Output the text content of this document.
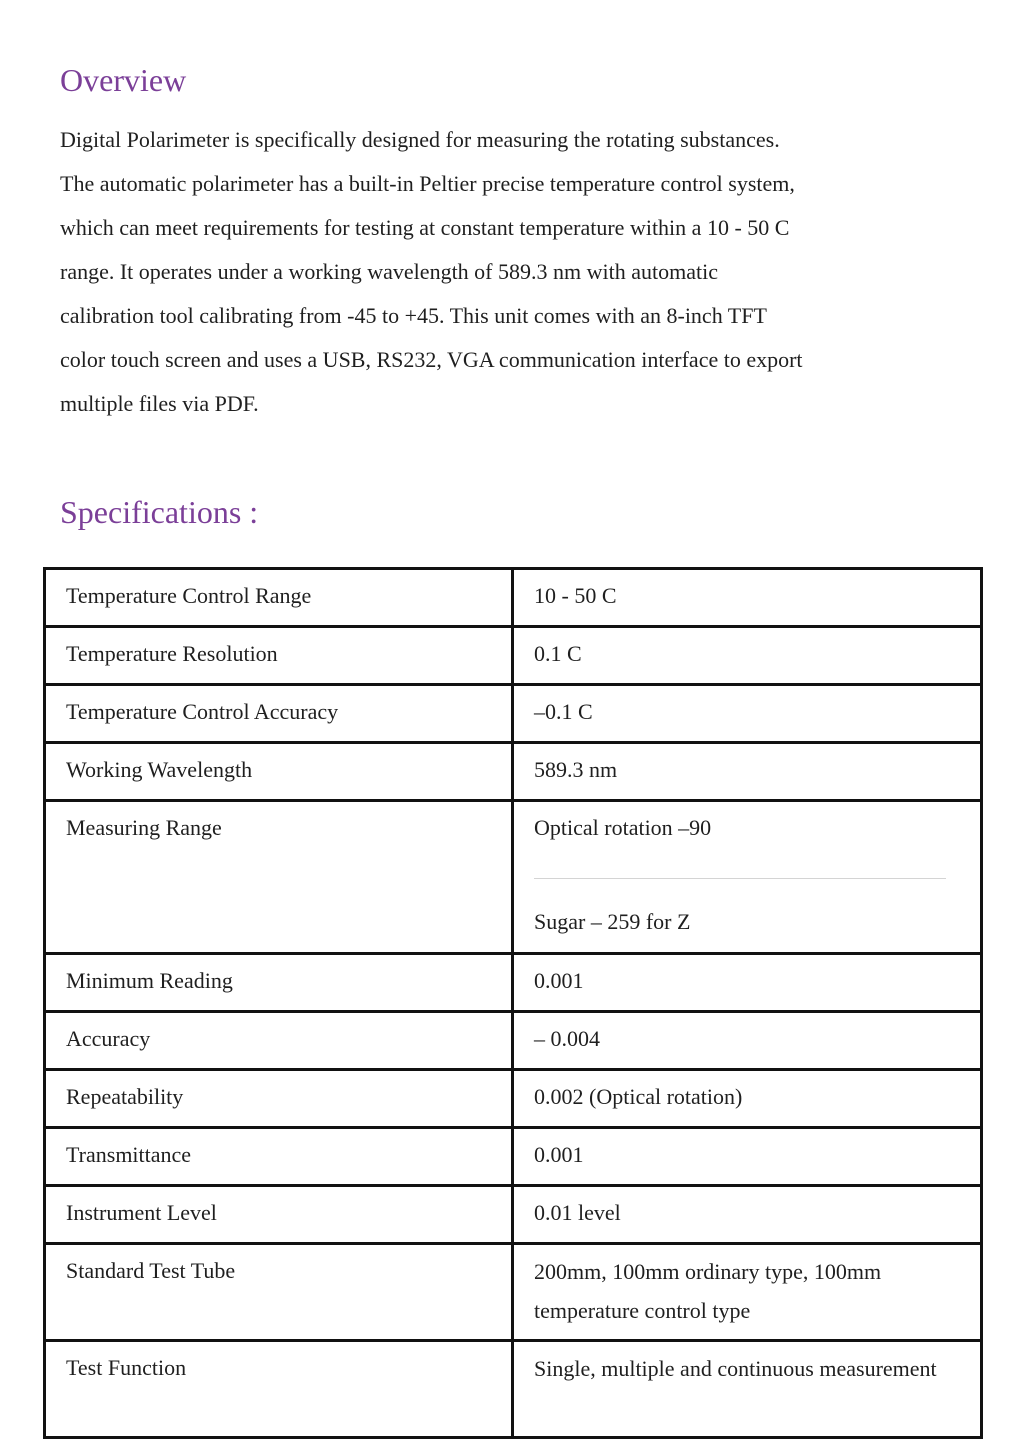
Overview
Digital Polarimeter is specifically designed for measuring the rotating substances.
The automatic polarimeter has a built-in Peltier precise temperature control system,
which can meet requirements for testing at constant temperature within a 10 - 50 C
range. It operates under a working wavelength of 589.3 nm with automatic
calibration tool calibrating from -45 to +45. This unit comes with an 8-inch TFT
color touch screen and uses a USB, RS232, VGA communication interface to export
multiple files via PDF.
Specifications :
Temperature Control Range	10 - 50 C
Temperature Resolution	0.1 C
Temperature Control Accuracy	–0.1 C
Working Wavelength	589.3 nm
Measuring Range	Optical rotation –90
Sugar – 259 for Z

Minimum Reading	0.001
Accuracy	– 0.004
Repeatability	0.002 (Optical rotation)
Transmittance	0.001
Instrument Level	0.01 level
Standard Test Tube	200mm, 100mm ordinary type, 100mm temperature control type
Test Function	Single, multiple and continuous measurement
